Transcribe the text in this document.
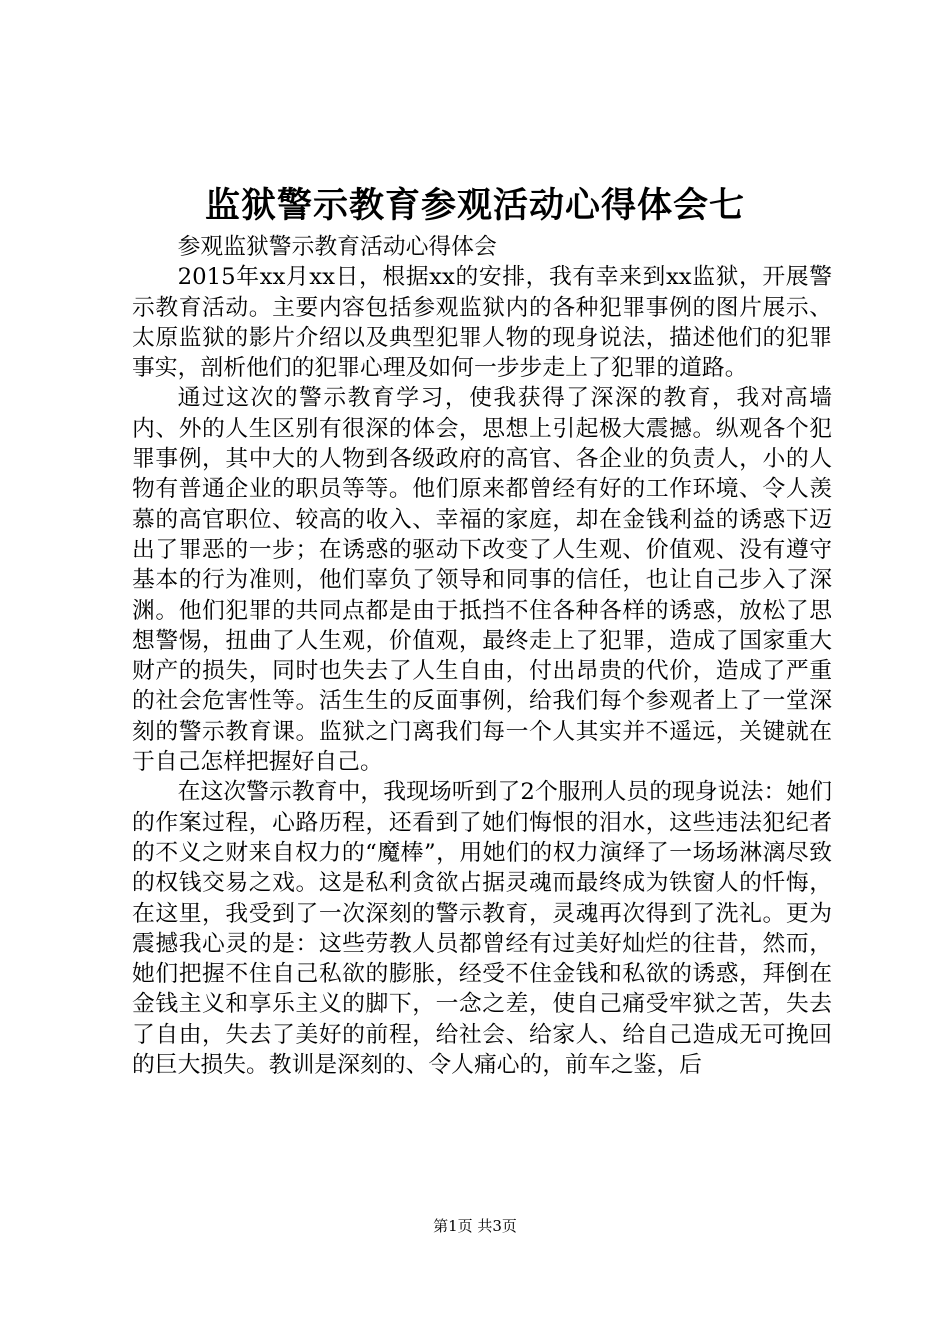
监狱警示教育参观活动心得体会七

参观监狱警示教育活动心得体会

2015年xx月xx日，根据xx的安排，我有幸来到xx监狱，开展警示教育活动。主要内容包括参观监狱内的各种犯罪事例的图片展示、太原监狱的影片介绍以及典型犯罪人物的现身说法，描述他们的犯罪事实，剖析他们的犯罪心理及如何一步步走上了犯罪的道路。

通过这次的警示教育学习，使我获得了深深的教育，我对高墙内、外的人生区别有很深的体会，思想上引起极大震撼。纵观各个犯罪事例，其中大的人物到各级政府的高官、各企业的负责人，小的人物有普通企业的职员等等。他们原来都曾经有好的工作环境、令人羡慕的高官职位、较高的收入、幸福的家庭，却在金钱利益的诱惑下迈出了罪恶的一步；在诱惑的驱动下改变了人生观、价值观、没有遵守基本的行为准则，他们辜负了领导和同事的信任，也让自己步入了深渊。他们犯罪的共同点都是由于抵挡不住各种各样的诱惑，放松了思想警惕，扭曲了人生观，价值观，最终走上了犯罪，造成了国家重大财产的损失，同时也失去了人生自由，付出昂贵的代价，造成了严重的社会危害性等。活生生的反面事例，给我们每个参观者上了一堂深刻的警示教育课。监狱之门离我们每一个人其实并不遥远，关键就在于自己怎样把握好自己。

在这次警示教育中，我现场听到了2个服刑人员的现身说法：她们的作案过程，心路历程，还看到了她们悔恨的泪水，这些违法犯纪者的不义之财来自权力的“魔棒”，用她们的权力演绎了一场场淋漓尽致的权钱交易之戏。这是私利贪欲占据灵魂而最终成为铁窗人的忏悔，在这里，我受到了一次深刻的警示教育，灵魂再次得到了洗礼。更为震撼我心灵的是：这些劳教人员都曾经有过美好灿烂的往昔，然而，她们把握不住自己私欲的膨胀，经受不住金钱和私欲的诱惑，拜倒在金钱主义和享乐主义的脚下，一念之差，使自己痛受牢狱之苦，失去了自由，失去了美好的前程，给社会、给家人、给自己造成无可挽回的巨大损失。教训是深刻的、令人痛心的，前车之鉴，后

第1页 共3页
